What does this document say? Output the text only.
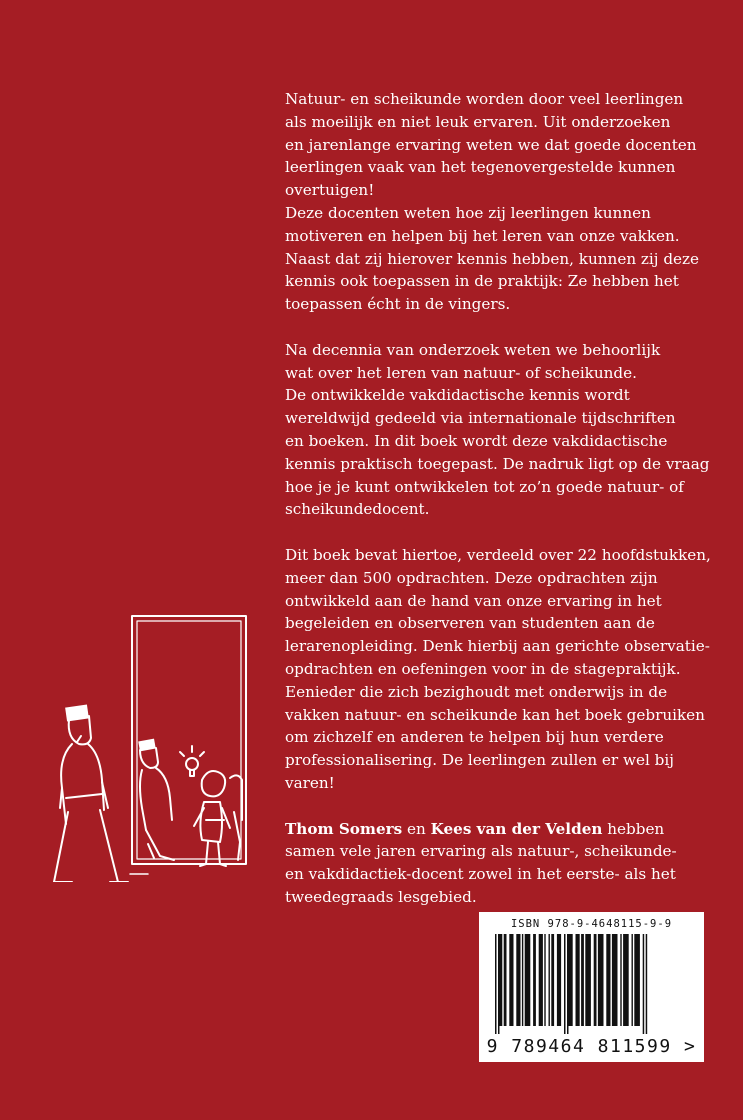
Natuur- en scheikunde worden door veel leerlingen
als moeilijk en niet leuk ervaren. Uit onderzoeken
en jarenlange ervaring weten we dat goede docenten
leerlingen vaak van het tegenovergestelde kunnen
overtuigen!
Deze docenten weten hoe zij leerlingen kunnen
motiveren en helpen bij het leren van onze vakken.
Naast dat zij hierover kennis hebben, kunnen zij deze
kennis ook toepassen in de praktijk: Ze hebben het
toepassen écht in de vingers.
Na decennia van onderzoek weten we behoorlijk
wat over het leren van natuur- of scheikunde.
De ontwikkelde vakdidactische kennis wordt
wereldwijd gedeeld via internationale tijdschriften
en boeken. In dit boek wordt deze vakdidactische
kennis praktisch toegepast. De nadruk ligt op de vraag
hoe je je kunt ontwikkelen tot zo’n goede natuur- of
scheikundedocent.
Dit boek bevat hiertoe, verdeeld over 22 hoofdstukken,
meer dan 500 opdrachten. Deze opdrachten zijn
ontwikkeld aan de hand van onze ervaring in het
begeleiden en observeren van studenten aan de
lerarenopleiding. Denk hierbij aan gerichte observatie-
opdrachten en oefeningen voor in de stagepraktijk.
Eenieder die zich bezighoudt met onderwijs in de
vakken natuur- en scheikunde kan het boek gebruiken
om zichzelf en anderen te helpen bij hun verdere
professionalisering. De leerlingen zullen er wel bij
varen!
Thom Somers en Kees van der Velden hebben
samen vele jaren ervaring als natuur-, scheikunde-
en vakdidactiek-docent zowel in het eerste- als het
tweedegraads lesgebied.
ISBN 978-9-4648115-9-9
9 789464 811599 >
